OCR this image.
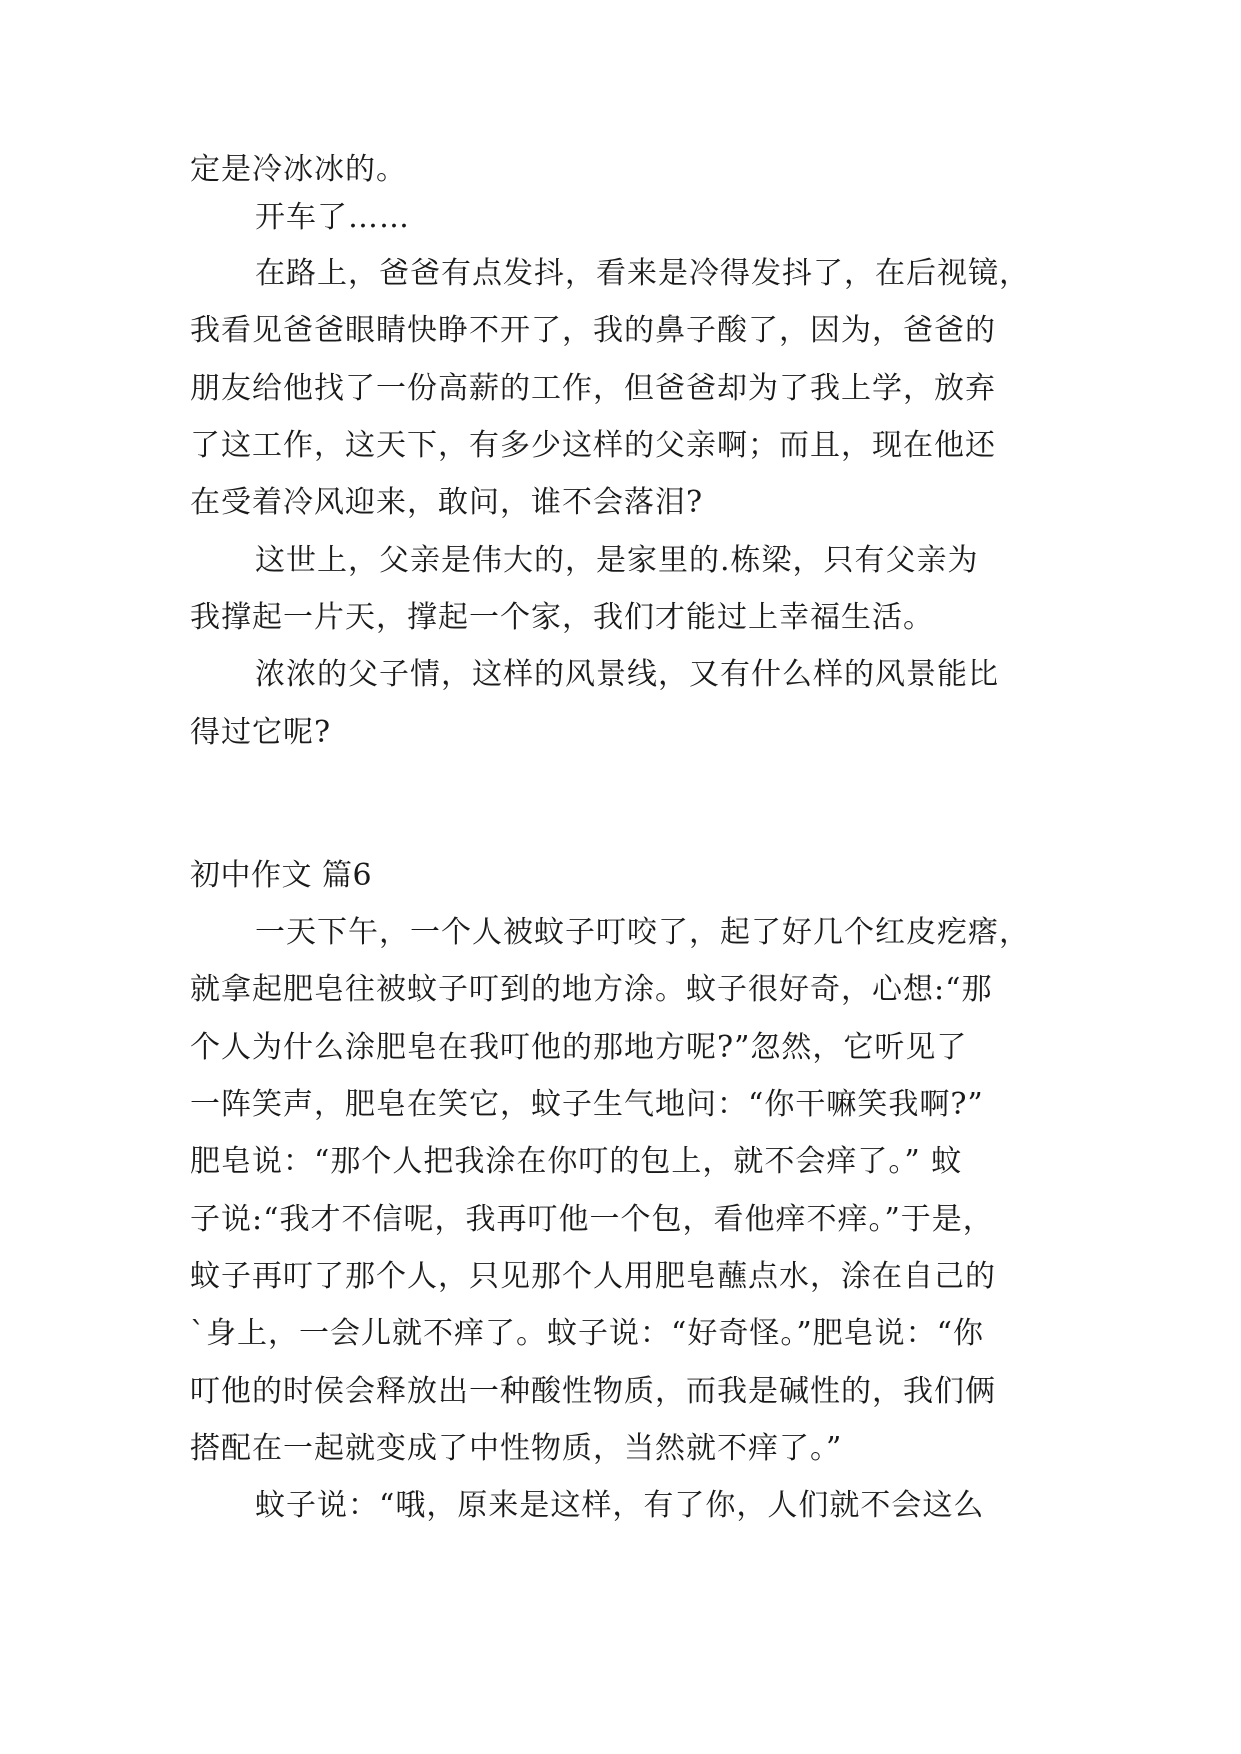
定是冷冰冰的。
开车了……
在路上，爸爸有点发抖，看来是冷得发抖了，在后视镜，
我看见爸爸眼睛快睁不开了，我的鼻子酸了，因为，爸爸的
朋友给他找了一份高薪的工作，但爸爸却为了我上学，放弃
了这工作，这天下，有多少这样的父亲啊；而且，现在他还
在受着冷风迎来，敢问，谁不会落泪?
这世上，父亲是伟大的，是家里的.栋梁，只有父亲为
我撑起一片天，撑起一个家，我们才能过上幸福生活。
浓浓的父子情，这样的风景线，又有什么样的风景能比
得过它呢?
初中作文 篇6
一天下午，一个人被蚊子叮咬了，起了好几个红皮疙瘩，
就拿起肥皂往被蚊子叮到的地方涂。蚊子很好奇，心想:“那
个人为什么涂肥皂在我叮他的那地方呢?”忽然，它听见了
一阵笑声，肥皂在笑它，蚊子生气地问：“你干嘛笑我啊?”
肥皂说：“那个人把我涂在你叮的包上，就不会痒了。” 蚊
子说:“我才不信呢，我再叮他一个包，看他痒不痒。”于是，
蚊子再叮了那个人，只见那个人用肥皂蘸点水，涂在自己的
`身上，一会儿就不痒了。蚊子说：“好奇怪。”肥皂说：“你
叮他的时侯会释放出一种酸性物质，而我是碱性的，我们俩
搭配在一起就变成了中性物质，当然就不痒了。”
蚊子说：“哦，原来是这样，有了你，人们就不会这么
